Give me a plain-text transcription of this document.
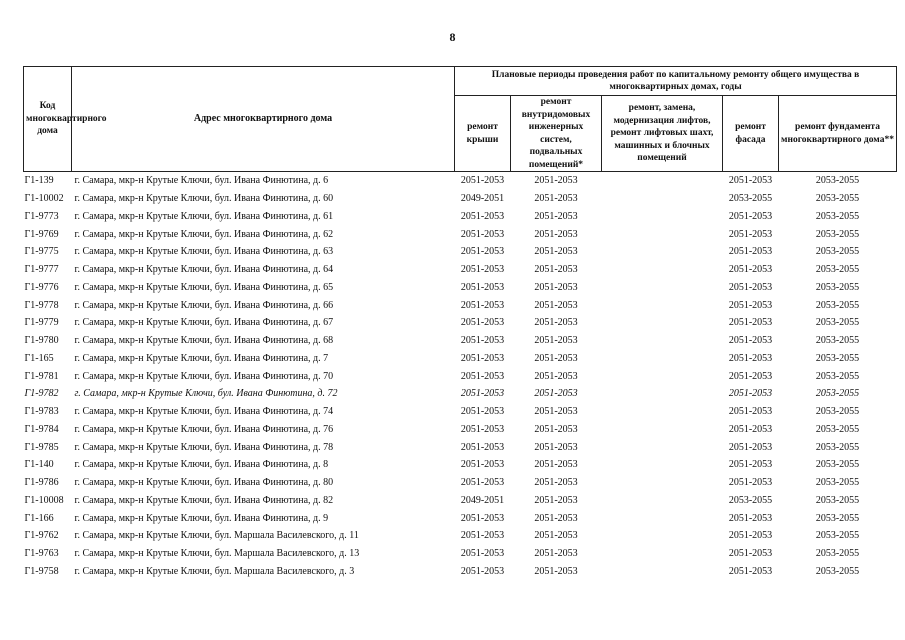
8
Код многоквартирного дома	Адрес многоквартирного дома	Плановые периоды проведения работ по капитальному ремонту общего имущества в многоквартирных домах, годы				
		ремонт крыши	ремонт внутридомовых инженерных систем, подвальных помещений*	ремонт, замена, модернизация лифтов, ремонт лифтовых шахт, машинных и блочных помещений	ремонт фасада	ремонт фундамента многоквартирного дома**
Г1-139	г. Самара, мкр-н Крутые Ключи, бул. Ивана Финютина, д. 6	2051-2053	2051-2053		2051-2053	2053-2055
Г1-10002	г. Самара, мкр-н Крутые Ключи, бул. Ивана Финютина, д. 60	2049-2051	2051-2053		2053-2055	2053-2055
Г1-9773	г. Самара, мкр-н Крутые Ключи, бул. Ивана Финютина, д. 61	2051-2053	2051-2053		2051-2053	2053-2055
Г1-9769	г. Самара, мкр-н Крутые Ключи, бул. Ивана Финютина, д. 62	2051-2053	2051-2053		2051-2053	2053-2055
Г1-9775	г. Самара, мкр-н Крутые Ключи, бул. Ивана Финютина, д. 63	2051-2053	2051-2053		2051-2053	2053-2055
Г1-9777	г. Самара, мкр-н Крутые Ключи, бул. Ивана Финютина, д. 64	2051-2053	2051-2053		2051-2053	2053-2055
Г1-9776	г. Самара, мкр-н Крутые Ключи, бул. Ивана Финютина, д. 65	2051-2053	2051-2053		2051-2053	2053-2055
Г1-9778	г. Самара, мкр-н Крутые Ключи, бул. Ивана Финютина, д. 66	2051-2053	2051-2053		2051-2053	2053-2055
Г1-9779	г. Самара, мкр-н Крутые Ключи, бул. Ивана Финютина, д. 67	2051-2053	2051-2053		2051-2053	2053-2055
Г1-9780	г. Самара, мкр-н Крутые Ключи, бул. Ивана Финютина, д. 68	2051-2053	2051-2053		2051-2053	2053-2055
Г1-165	г. Самара, мкр-н Крутые Ключи, бул. Ивана Финютина, д. 7	2051-2053	2051-2053		2051-2053	2053-2055
Г1-9781	г. Самара, мкр-н Крутые Ключи, бул. Ивана Финютина, д. 70	2051-2053	2051-2053		2051-2053	2053-2055
Г1-9782	г. Самара, мкр-н Крутые Ключи, бул. Ивана Финютина, д. 72	2051-2053	2051-2053		2051-2053	2053-2055
Г1-9783	г. Самара, мкр-н Крутые Ключи, бул. Ивана Финютина, д. 74	2051-2053	2051-2053		2051-2053	2053-2055
Г1-9784	г. Самара, мкр-н Крутые Ключи, бул. Ивана Финютина, д. 76	2051-2053	2051-2053		2051-2053	2053-2055
Г1-9785	г. Самара, мкр-н Крутые Ключи, бул. Ивана Финютина, д. 78	2051-2053	2051-2053		2051-2053	2053-2055
Г1-140	г. Самара, мкр-н Крутые Ключи, бул. Ивана Финютина, д. 8	2051-2053	2051-2053		2051-2053	2053-2055
Г1-9786	г. Самара, мкр-н Крутые Ключи, бул. Ивана Финютина, д. 80	2051-2053	2051-2053		2051-2053	2053-2055
Г1-10008	г. Самара, мкр-н Крутые Ключи, бул. Ивана Финютина, д. 82	2049-2051	2051-2053		2053-2055	2053-2055
Г1-166	г. Самара, мкр-н Крутые Ключи, бул. Ивана Финютина, д. 9	2051-2053	2051-2053		2051-2053	2053-2055
Г1-9762	г. Самара, мкр-н Крутые Ключи, бул. Маршала Василевского, д. 11	2051-2053	2051-2053		2051-2053	2053-2055
Г1-9763	г. Самара, мкр-н Крутые Ключи, бул. Маршала Василевского, д. 13	2051-2053	2051-2053		2051-2053	2053-2055
Г1-9758	г. Самара, мкр-н Крутые Ключи, бул. Маршала Василевского, д. 3	2051-2053	2051-2053		2051-2053	2053-2055
